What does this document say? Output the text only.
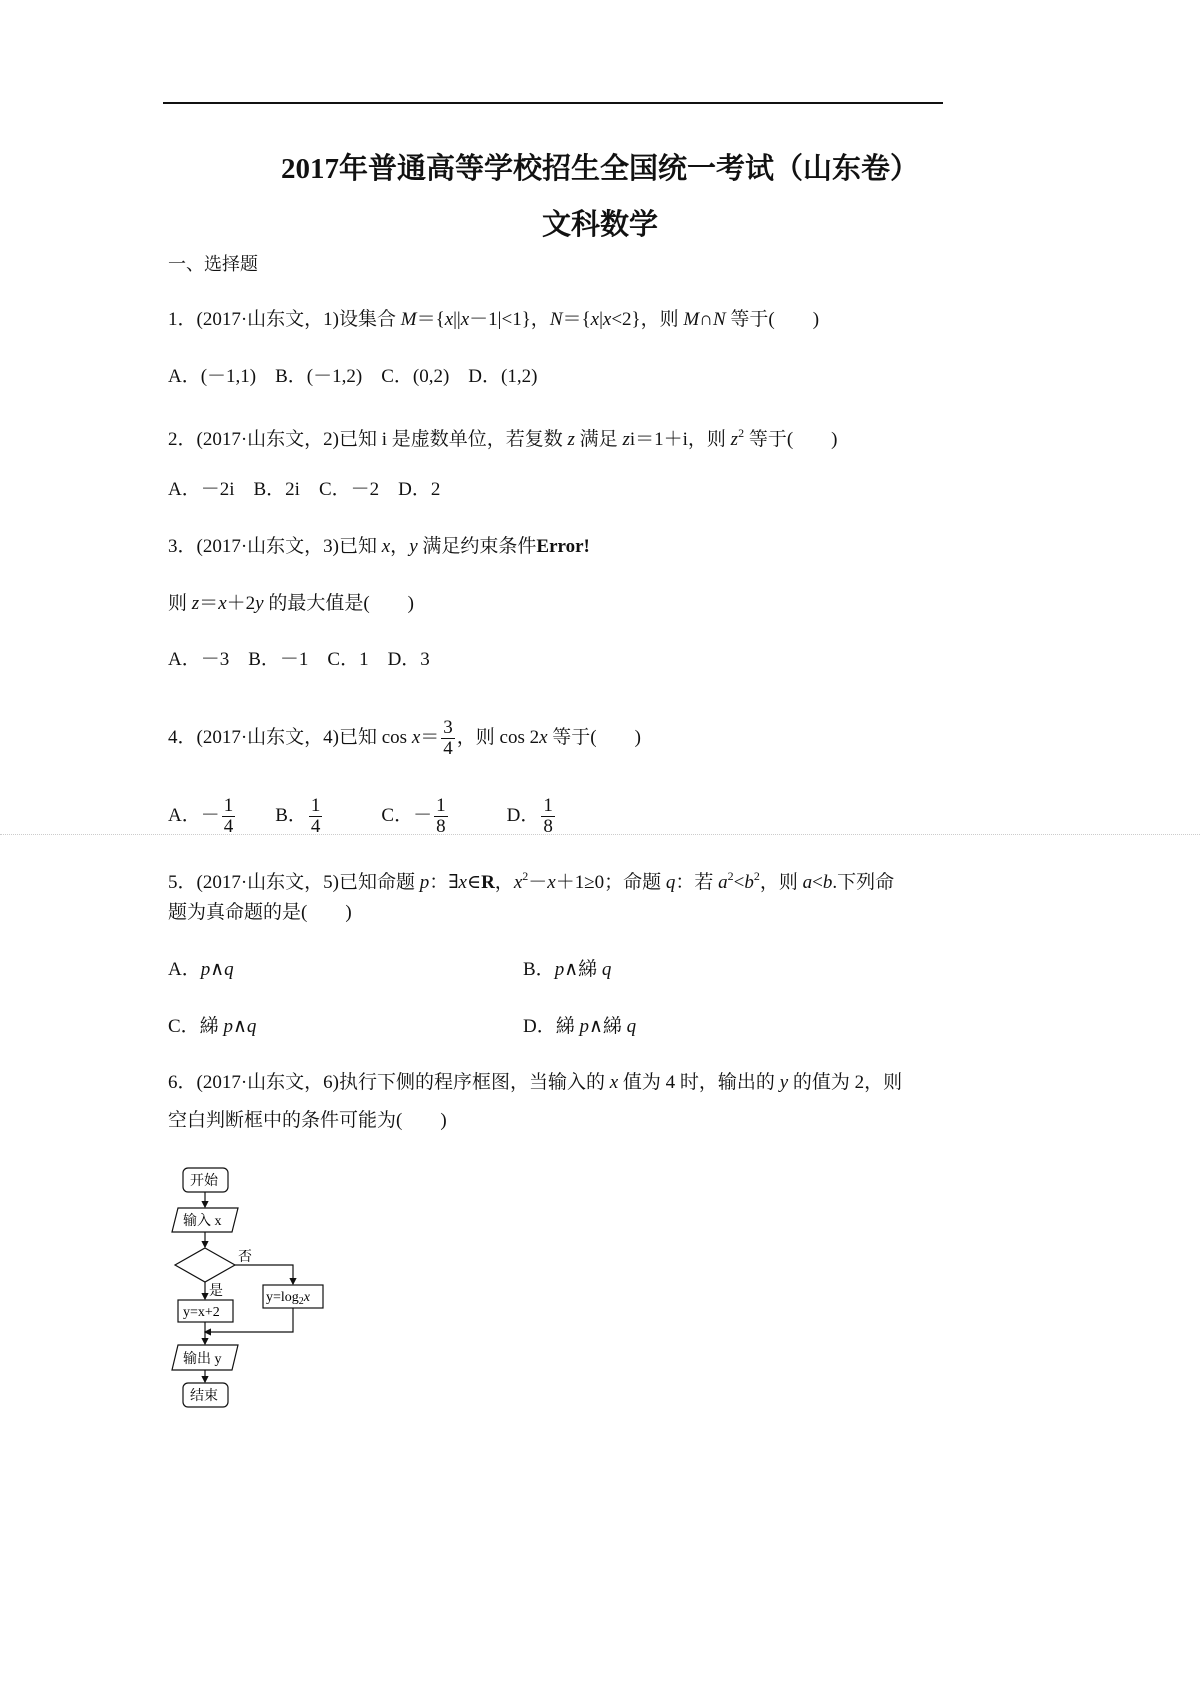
2017年普通高等学校招生全国统一考试（山东卷）
文科数学
一、选择题
1．(2017·山东文，1)设集合 M＝{x||x－1|<1}，N＝{x|x<2}，则 M∩N 等于(　　)
A．(－1,1)　B．(－1,2)　C．(0,2)　D．(1,2)
2．(2017·山东文，2)已知 i 是虚数单位，若复数 z 满足 zi＝1＋i，则 $z^2$ 等于(　　)
A．－2i　B．2i　C．－2　D．2
3．(2017·山东文，3)已知 x，y 满足约束条件Error!
则 z＝x＋2y 的最大值是(　　)
A．－3　B．－1　C．1　D．3
4．(2017·山东文，4)已知 $\cos x= \frac{3}{4}$ ，则 cos 2x 等于(　　)
A．－ $\frac{1}{4}$ 　　B． $\frac{1}{4}$ 　　　C．－ $\frac{1}{8}$ 　　　D． $\frac{1}{8}$
5．(2017·山东文，5)已知命题 p：∃x∈R，$x^2-x+1\ge 0$；命题 q：若 $a^2<b^2$，则 a<b.下列命
题为真命题的是(　　)
A．p∧q	B．p∧綈 q
C．綈 p∧q	D．綈 p∧綈 q
6．(2017·山东文，6)执行下侧的程序框图，当输入的 x 值为 4 时，输出的 y 的值为 2，则
空白判断框中的条件可能为(　　)
开始
输入 x
否
是
y=x+2
$y=\log_2x$
输出 y
结束
